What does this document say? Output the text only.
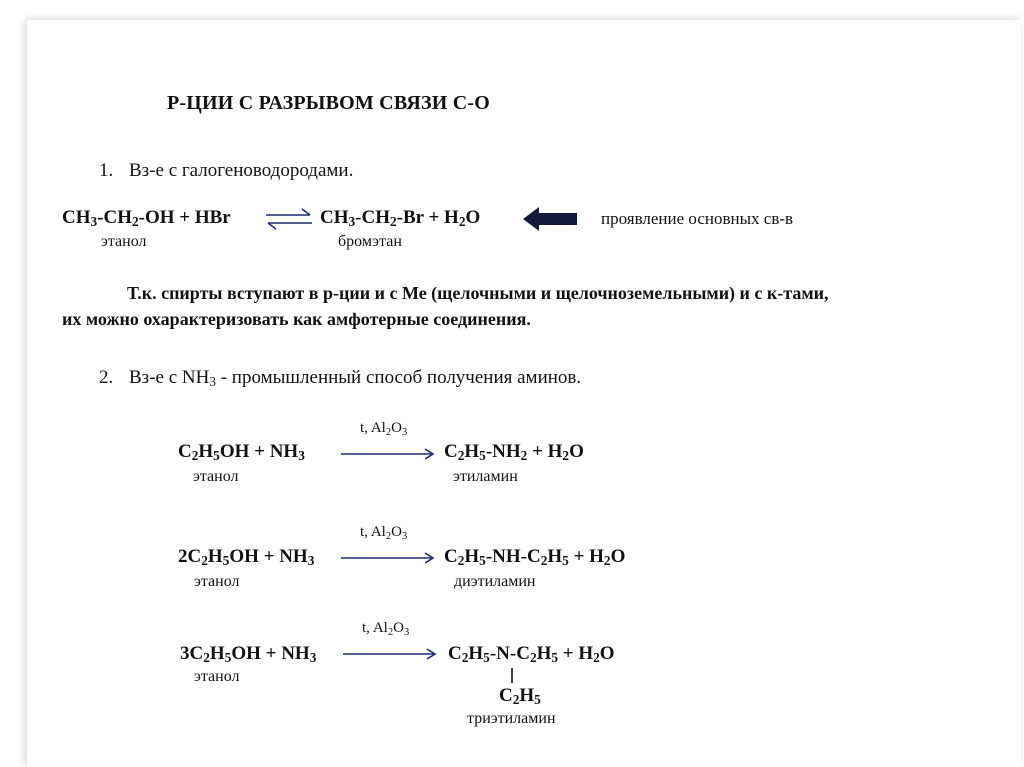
Р-ЦИИ С РАЗРЫВОМ СВЯЗИ С-О
1. Вз-е с галогеноводородами.
$CH_3-CH_2-OH$ + HBr ⇌ $CH_3-CH_2-Br + H_2O$	проявление основных св-в
этанол	бромэтан
Т.к. спирты вступают в р-ции и с Ме (щелочными и щелочноземельными) и с к-тами,
их можно охарактеризовать как амфотерные соединения.
2. Вз-е с $NH_3$ - промышленный способ получения аминов.
t, $Al_2O_3$
$C_2H_5OH + NH_3$	$C_2H_5-NH_2 + H_2O$
этанол	этиламин
t, $Al_2O_3$
$2C_2H_5OH + NH_3$	$C_2H_5-NH-C_2H_5 + H_2O$
этанол	диэтиламин
t, $Al_2O_3$
$3C_2H_5OH + NH_3$	$C_2H_5-N-C_2H_5 + H_2O$
этанол
$C_2H_5$
триэтиламин
